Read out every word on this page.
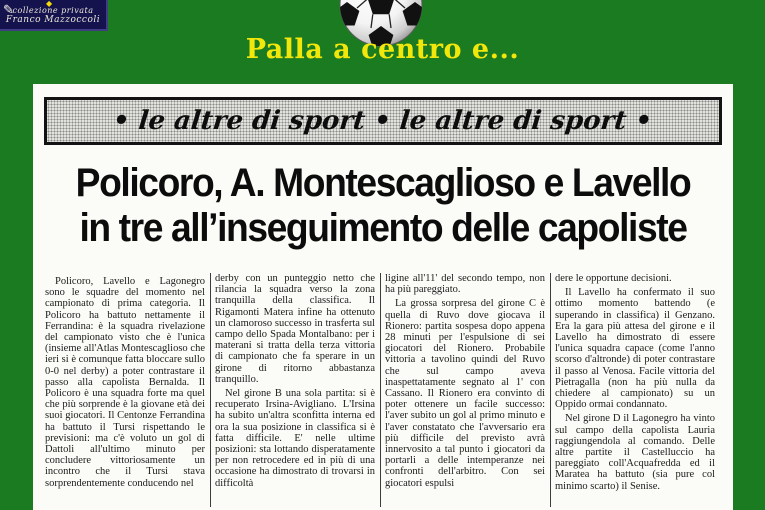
✎	◆
collezione privata
Franco Mazzoccoli
Palla a centro e...
• le altre di sport • le altre di sport •
Policoro, A. Montescaglioso e Lavello
in tre all’inseguimento delle capoliste

Policoro, Lavello e Lagonegro sono le squadre del momento nel campionato di prima categoria. Il Policoro ha battuto nettamente il Ferrandina: è la squadra rivelazione del campionato visto che è l'unica (insieme all'Atlas Montescaglioso che ieri si è comunque fatta bloccare sullo 0-0 nel derby) a poter contrastare il passo alla capolista Bernalda. Il Policoro è una squadra forte ma quel che più sorprende è la giovane età dei suoi giocatori. Il Centonze Ferrandina ha battuto il Tursi rispettando le previsioni: ma c'è voluto un gol di Dattoli all'ultimo minuto per concludere vittoriosamente un incontro che il Tursi stava sorprendentemente conducendo nel

derby con un punteggio netto che rilancia la squadra verso la zona tranquilla della classifica. Il Rigamonti Matera infine ha ottenuto un clamoroso successo in trasferta sul campo dello Spada Montalbano: per i materani si tratta della terza vittoria di campionato che fa sperare in un girone di ritorno abbastanza tranquillo.

Nel girone B una sola partita: si è recuperato Irsina-Avigliano. L'Irsina ha subito un'altra sconfitta interna ed ora la sua posizione in classifica si è fatta difficile. E' nelle ultime posizioni: sta lottando disperatamente per non retrocedere ed in più di una occasione ha dimostrato di trovarsi in difficoltà

ligine all'11' del secondo tempo, non ha più pareggiato.

La grossa sorpresa del girone C è quella di Ruvo dove giocava il Rionero: partita sospesa dopo appena 28 minuti per l'espulsione di sei giocatori del Rionero. Probabile vittoria a tavolino quindi del Ruvo che sul campo aveva inaspettatamente segnato al 1' con Cassano. Il Rionero era convinto di poter ottenere un facile successo: l'aver subito un gol al primo minuto e l'aver constatato che l'avversario era più difficile del previsto avrà innervosito a tal punto i giocatori da portarli a delle intemperanze nei confronti dell'arbitro. Con sei giocatori espulsi

dere le opportune decisioni.

Il Lavello ha confermato il suo ottimo momento battendo (e superando in classifica) il Genzano. Era la gara più attesa del girone e il Lavello ha dimostrato di essere l'unica squadra capace (come l'anno scorso d'altronde) di poter contrastare il passo al Venosa. Facile vittoria del Pietragalla (non ha più nulla da chiedere al campionato) su un Oppido ormai condannato.

Nel girone D il Lagonegro ha vinto sul campo della capolista Lauria raggiungendola al comando. Delle altre partite il Castelluccio ha pareggiato coll'Acquafredda ed il Maratea ha battuto (sia pure col minimo scarto) il Senise.
